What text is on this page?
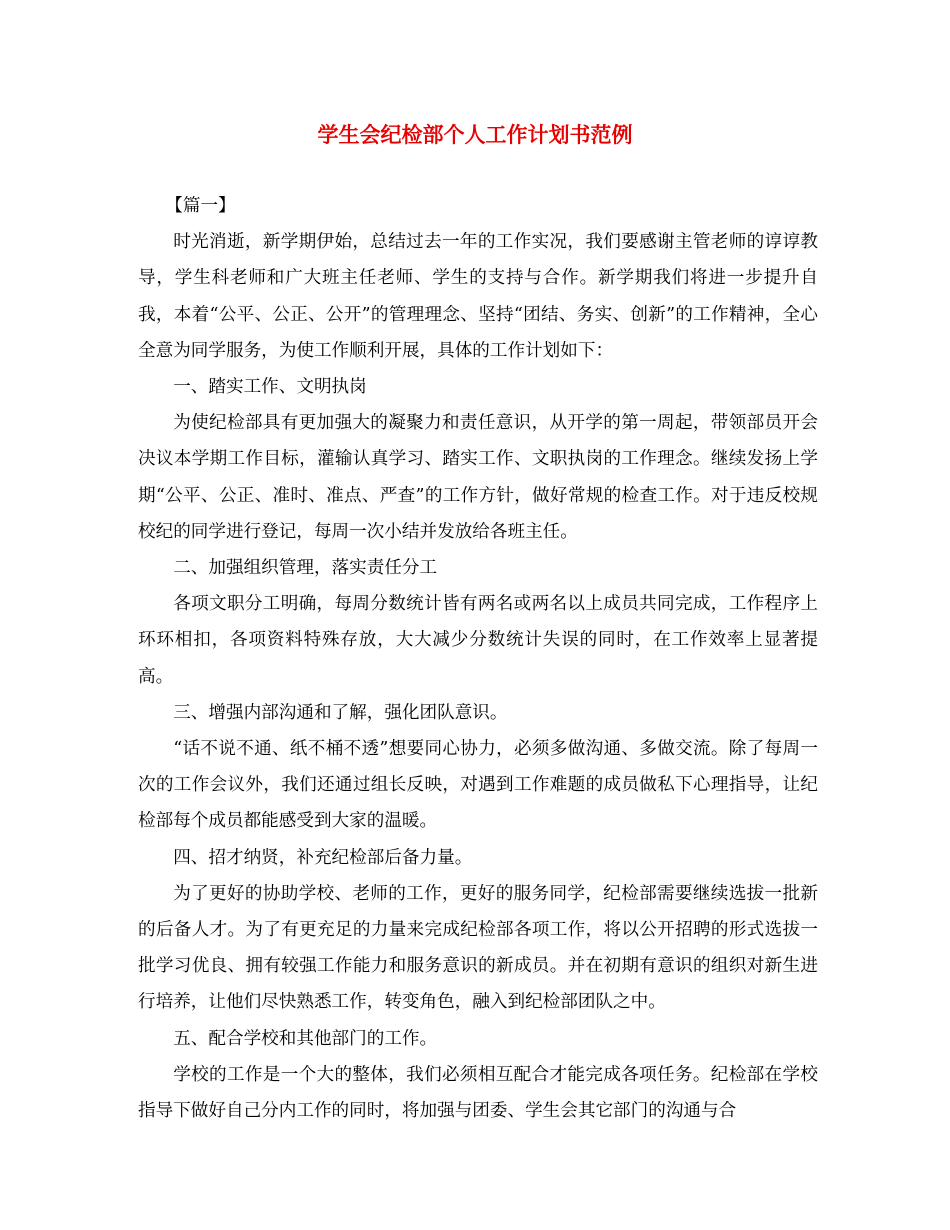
学生会纪检部个人工作计划书范例

【篇一】

时光消逝，新学期伊始，总结过去一年的工作实况，我们要感谢主管老师的谆谆教导，学生科老师和广大班主任老师、学生的支持与合作。新学期我们将进一步提升自我，本着“公平、公正、公开”的管理理念、坚持“团结、务实、创新”的工作精神，全心全意为同学服务，为使工作顺利开展，具体的工作计划如下：

一、踏实工作、文明执岗

为使纪检部具有更加强大的凝聚力和责任意识，从开学的第一周起，带领部员开会决议本学期工作目标，灌输认真学习、踏实工作、文职执岗的工作理念。继续发扬上学期“公平、公正、准时、准点、严查”的工作方针，做好常规的检查工作。对于违反校规校纪的同学进行登记，每周一次小结并发放给各班主任。

二、加强组织管理，落实责任分工

各项文职分工明确，每周分数统计皆有两名或两名以上成员共同完成，工作程序上环环相扣，各项资料特殊存放，大大减少分数统计失误的同时，在工作效率上显著提高。

三、增强内部沟通和了解，强化团队意识。

“话不说不通、纸不桶不透”想要同心协力，必须多做沟通、多做交流。除了每周一次的工作会议外，我们还通过组长反映，对遇到工作难题的成员做私下心理指导，让纪检部每个成员都能感受到大家的温暖。

四、招才纳贤，补充纪检部后备力量。

为了更好的协助学校、老师的工作，更好的服务同学，纪检部需要继续选拔一批新的后备人才。为了有更充足的力量来完成纪检部各项工作，将以公开招聘的形式选拔一批学习优良、拥有较强工作能力和服务意识的新成员。并在初期有意识的组织对新生进行培养，让他们尽快熟悉工作，转变角色，融入到纪检部团队之中。

五、配合学校和其他部门的工作。

学校的工作是一个大的整体，我们必须相互配合才能完成各项任务。纪检部在学校指导下做好自己分内工作的同时，将加强与团委、学生会其它部门的沟通与合
